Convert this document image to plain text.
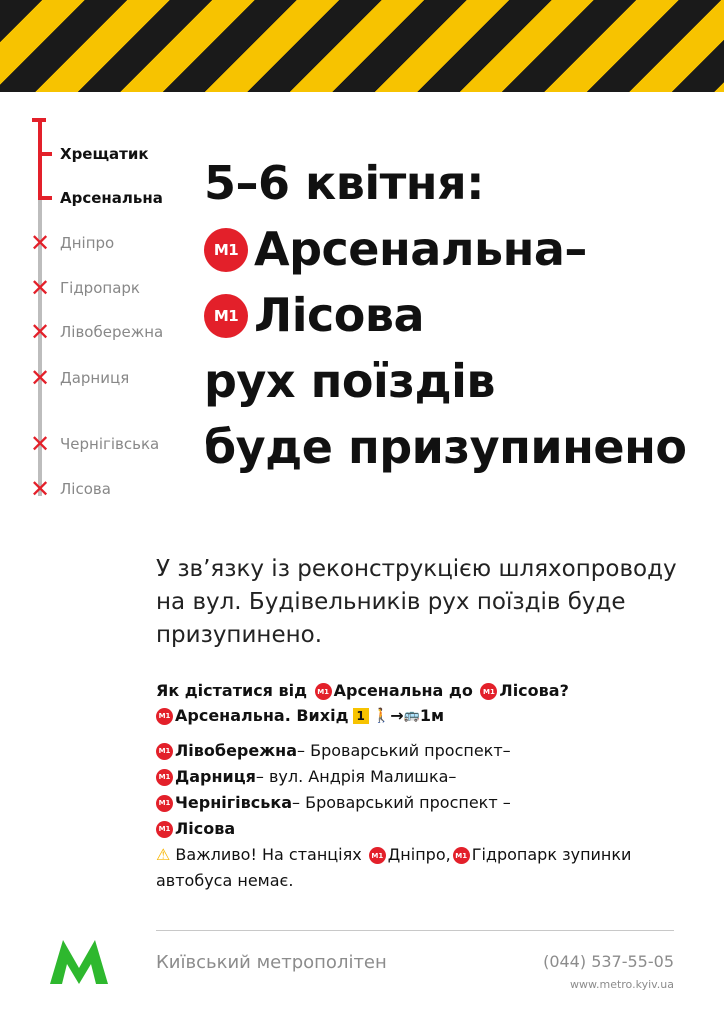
Хрещатик
Арсенальна
✕ Дніпро
✕ Гідропарк
✕ Лівобережна
✕ Дарниця
✕ Чернігівська
✕ Лісова
5–6 квітня:
М1 Арсенальна–
М1 Лісова
рух поїздів
буде призупинено
У зв’язку із реконструкцією шляхопроводу на вул. Будівельників рух поїздів буде призупинено.
Як дістатися від М1 Арсенальна до М1 Лісова?
М1 Арсенальна. Вихід 1 🚶 → 🚌 1м
М1 Лівобережна – Броварський проспект–
М1 Дарниця – вул. Андрія Малишка–
М1 Чернігівська – Броварський проспект –
М1 Лісова
⚠ Важливо! На станціях М1 Дніпро, М1 Гідропарк зупинки
автобуса немає.
Київський метрополітен	(044) 537-55-05
www.metro.kyiv.ua
